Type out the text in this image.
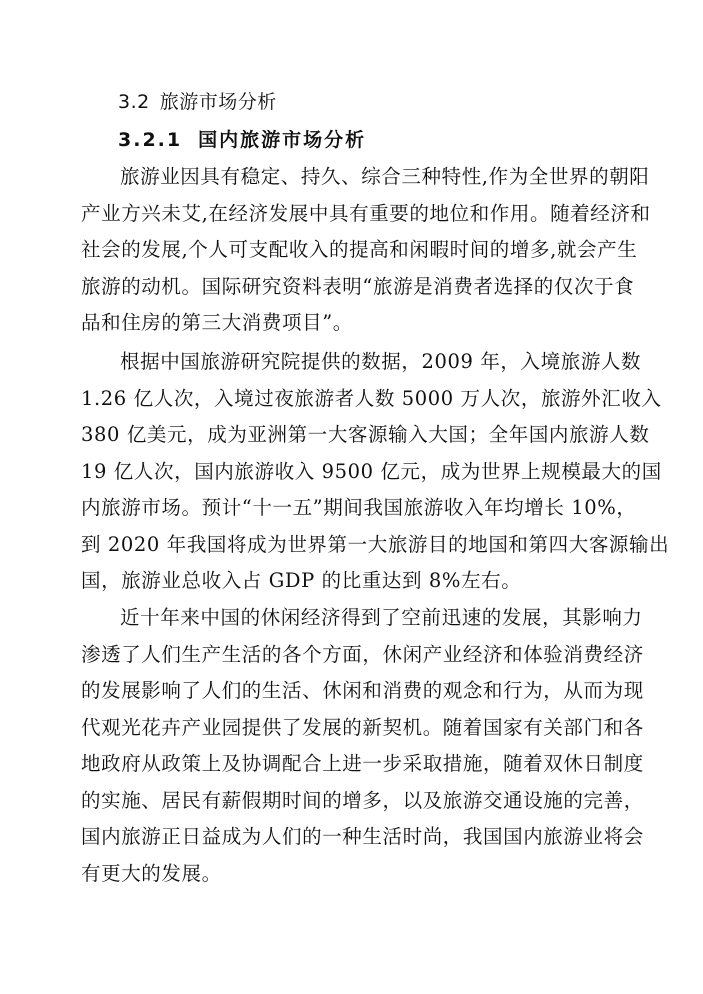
3.2 旅游市场分析
3.2.1 国内旅游市场分析

旅游业因具有稳定、持久、综合三种特性,作为全世界的朝阳
产业方兴未艾,在经济发展中具有重要的地位和作用。随着经济和
社会的发展,个人可支配收入的提高和闲暇时间的增多,就会产生
旅游的动机。国际研究资料表明“旅游是消费者选择的仅次于食
品和住房的第三大消费项目”。

根据中国旅游研究院提供的数据，2009 年，入境旅游人数
1.26 亿人次，入境过夜旅游者人数 5000 万人次，旅游外汇收入
380 亿美元，成为亚洲第一大客源输入大国；全年国内旅游人数
19 亿人次，国内旅游收入 9500 亿元，成为世界上规模最大的国
内旅游市场。预计“十一五”期间我国旅游收入年均增长 10%，
到 2020 年我国将成为世界第一大旅游目的地国和第四大客源输出
国，旅游业总收入占 GDP 的比重达到 8%左右。

近十年来中国的休闲经济得到了空前迅速的发展，其影响力
渗透了人们生产生活的各个方面，休闲产业经济和体验消费经济
的发展影响了人们的生活、休闲和消费的观念和行为，从而为现
代观光花卉产业园提供了发展的新契机。随着国家有关部门和各
地政府从政策上及协调配合上进一步采取措施，随着双休日制度
的实施、居民有薪假期时间的增多，以及旅游交通设施的完善，
国内旅游正日益成为人们的一种生活时尚，我国国内旅游业将会
有更大的发展。
